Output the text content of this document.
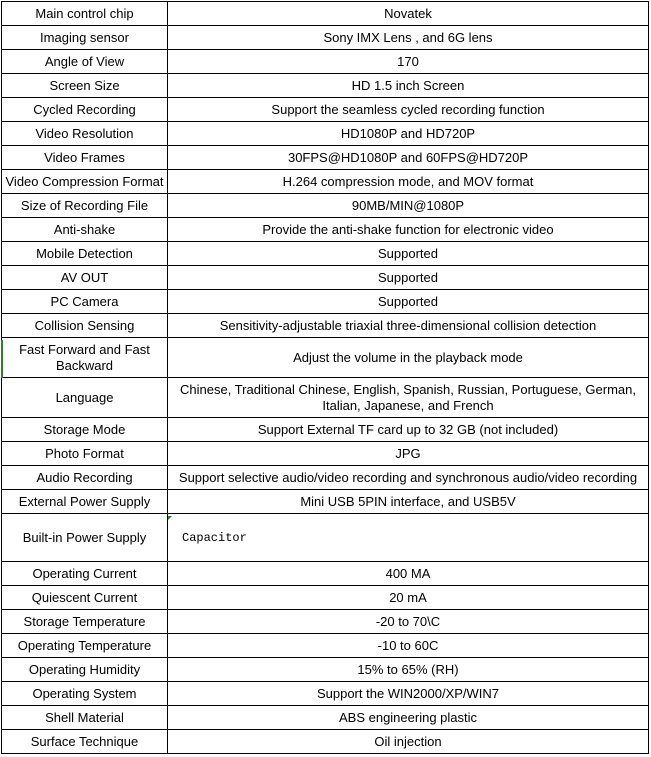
Main control chip	Novatek
Imaging sensor	Sony IMX Lens , and 6G lens
Angle of View	170
Screen Size	HD 1.5 inch Screen
Cycled Recording	Support the seamless cycled recording function
Video Resolution	HD1080P and HD720P
Video Frames	30FPS@HD1080P and 60FPS@HD720P
Video Compression Format	H.264 compression mode, and MOV format
Size of Recording File	90MB/MIN@1080P
Anti-shake	Provide the anti-shake function for electronic video
Mobile Detection	Supported
AV OUT	Supported
PC Camera	Supported
Collision Sensing	Sensitivity-adjustable triaxial three-dimensional collision detection
Fast Forward and Fast Backward	Adjust the volume in the playback mode
Language	Chinese, Traditional Chinese, English, Spanish, Russian, Portuguese, German, Italian, Japanese, and French
Storage Mode	Support External TF card up to 32 GB (not included)
Photo Format	JPG
Audio Recording	Support selective audio/video recording and synchronous audio/video recording
External Power Supply	Mini USB 5PIN interface, and USB5V
Built-in Power Supply	Capacitor
Operating Current	400 MA
Quiescent Current	20 mA
Storage Temperature	-20 to 70\C
Operating Temperature	-10 to 60C
Operating Humidity	15% to 65% (RH)
Operating System	Support the WIN2000/XP/WIN7
Shell Material	ABS engineering plastic
Surface Technique	Oil injection
